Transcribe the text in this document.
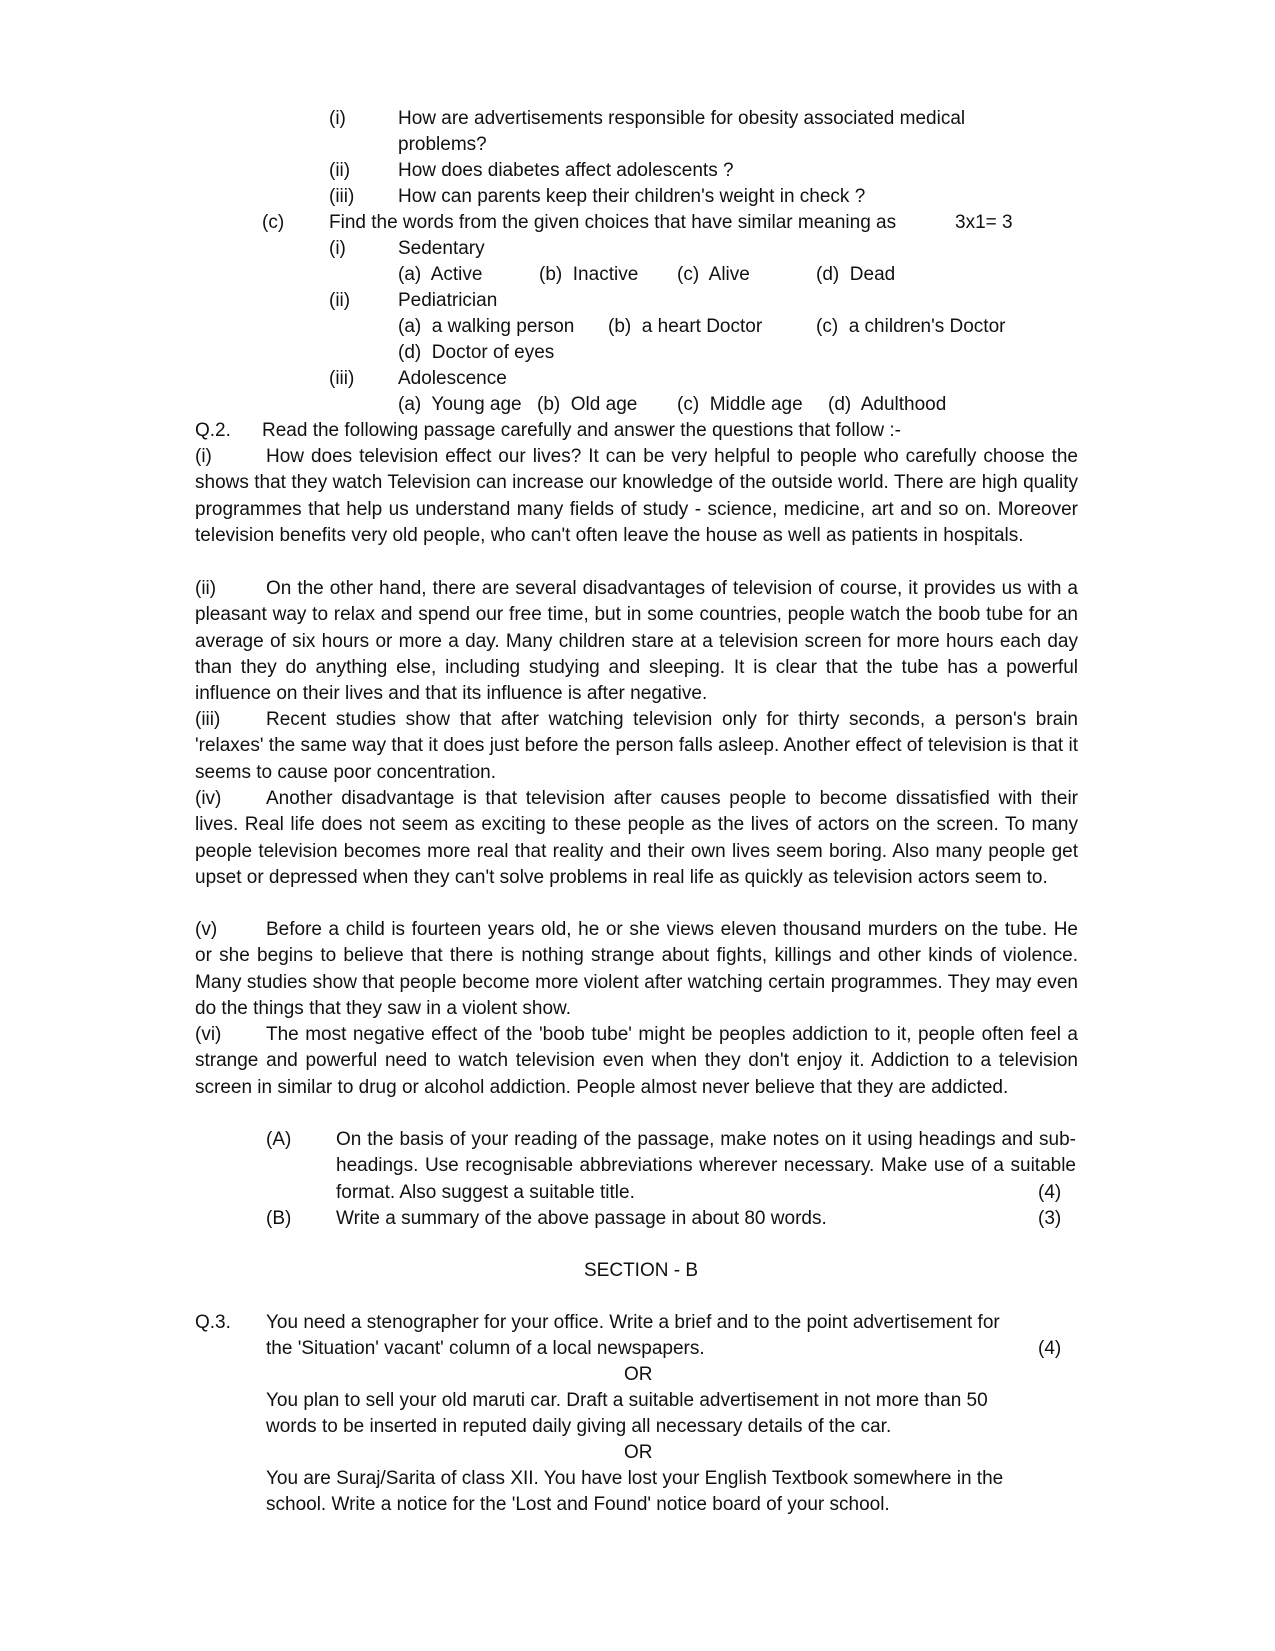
(i)	How are advertisements responsible for obesity associated medical
problems?
(ii)	How does diabetes affect adolescents ?
(iii) How can parents keep their children's weight in check ?
(c) Find the words from the given choices that have similar meaning as	3x1= 3
(i)	Sedentary
(a)  Active	(b)  Inactive (c)  Alive	(d)  Dead
(ii)	Pediatrician
(a)  a walking person (b)  a heart Doctor	(c)  a children's Doctor
(d)  Doctor of eyes
(iii) Adolescence
(a)  Young age (b)  Old age (c)  Middle age (d)  Adulthood
Q.2. Read the following passage carefully and answer the questions that follow :-
(i)	How does television effect our lives? It can be very helpful to people who carefully choose the shows that they watch Television can increase our knowledge of the outside world. There are high quality programmes that help us understand many fields of study - science, medicine, art and so on. Moreover television benefits very old people, who can't often leave the house as well as patients in hospitals.
(ii)	On the other hand, there are several disadvantages of television of course, it provides us with a pleasant way to relax and spend our free time, but in some countries, people watch the boob tube for an average of six hours or more a day. Many children stare at a television screen for more hours each day than they do anything else, including studying and sleeping. It is clear that the tube has a powerful influence on their lives and that its influence is after negative.
(iii) Recent studies show that after watching television only for thirty seconds, a person's brain 'relaxes' the same way that it does just before the person falls asleep. Another effect of television is that it seems to cause poor concentration.
(iv) Another disadvantage is that television after causes people to become dissatisfied with their lives. Real life does not seem as exciting to these people as the lives of actors on the screen. To many people television becomes more real that reality and their own lives seem boring. Also many people get upset or depressed when they can't solve problems in real life as quickly as television actors seem to.
(v)	Before a child is fourteen years old, he or she views eleven thousand murders on the tube. He or she begins to believe that there is nothing strange about fights, killings and other kinds of violence. Many studies show that people become more violent after watching certain programmes. They may even do the things that they saw in a violent show.
(vi) The most negative effect of the 'boob tube' might be peoples addiction to it, people often feel a strange and powerful need to watch television even when they don't enjoy it. Addiction to a television screen in similar to drug or alcohol addiction. People almost never believe that they are addicted.
(A)	On the basis of your reading of the passage, make notes on it using headings and sub-headings. Use recognisable abbreviations wherever necessary. Make use of a suitable format. Also suggest a suitable title.	(4)
(B) Write a summary of the above passage in about 80 words.	(3)
SECTION - B
Q.3. You need a stenographer for your office. Write a brief and to the point advertisement for
the 'Situation' vacant' column of a local newspapers.	(4)
OR
You plan to sell your old maruti car. Draft a suitable advertisement in not more than 50
words to be inserted in reputed daily giving all necessary details of the car.
OR
You are Suraj/Sarita of class XII. You have lost your English Textbook somewhere in the
school. Write a notice for the 'Lost and Found' notice board of your school.
